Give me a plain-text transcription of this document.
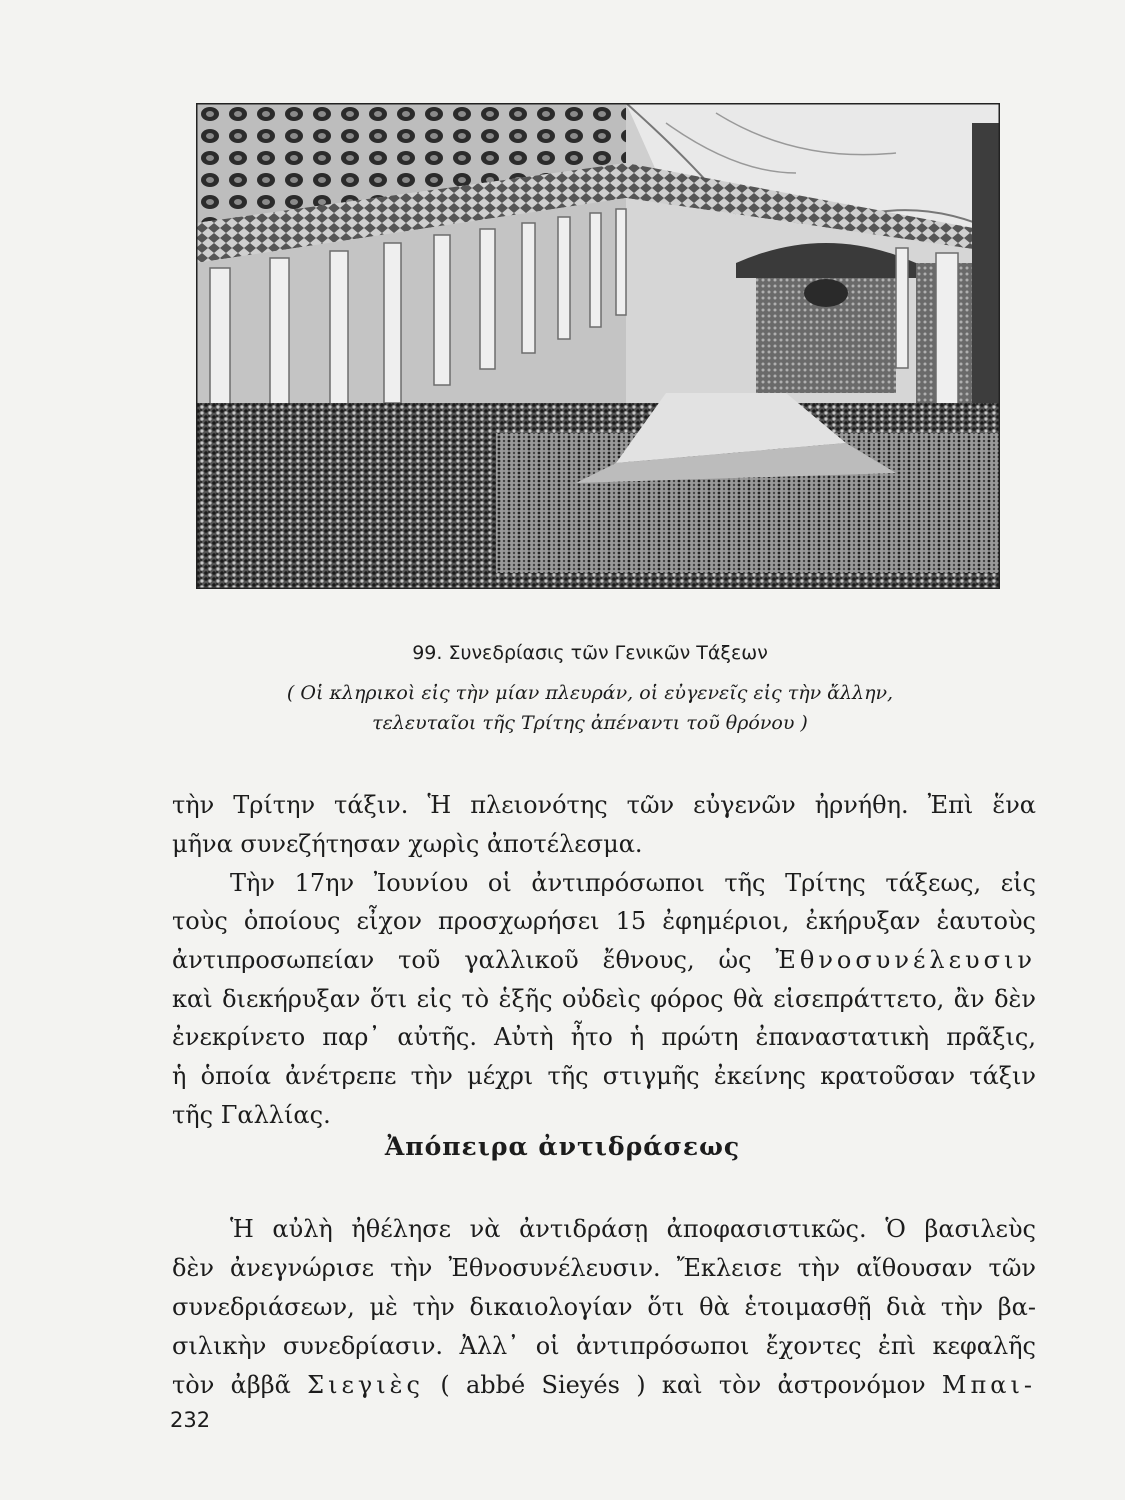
99. Συνεδρίασις τῶν Γενικῶν Τάξεων
( Οἱ κληρικοὶ εἰς τὴν μίαν πλευράν, οἱ εὐγενεῖς εἰς τὴν ἄλλην,
τελευταῖοι τῆς Τρίτης ἀπέναντι τοῦ θρόνου )
τὴν Τρίτην τάξιν. Ἡ πλειονότης τῶν εὐγενῶν ἠρνήθη. Ἐπὶ ἕνα
μῆνα συνεζήτησαν χωρὶς ἀποτέλεσμα.
Τὴν 17ην Ἰουνίου οἱ ἀντιπρόσωποι τῆς Τρίτης τάξεως, εἰς
τοὺς ὁποίους εἶχον προσχωρήσει 15 ἐφημέριοι, ἐκήρυξαν ἑαυτοὺς
ἀντιπροσωπείαν τοῦ γαλλικοῦ ἔθνους, ὡς Ἐθνοσυνέλευσιν
καὶ διεκήρυξαν ὅτι εἰς τὸ ἑξῆς οὐδεὶς φόρος θὰ εἰσεπράττετο, ἂν δὲν
ἐνεκρίνετο παρ᾽ αὐτῆς. Αὐτὴ ἦτο ἡ πρώτη ἐπαναστατικὴ πρᾶξις,
ἡ ὁποία ἀνέτρεπε τὴν μέχρι τῆς στιγμῆς ἐκείνης κρατοῦσαν τάξιν
τῆς Γαλλίας.
Ἀπόπειρα ἀντιδράσεως
Ἡ αὐλὴ ἠθέλησε νὰ ἀντιδράσῃ ἀποφασιστικῶς. Ὁ βασιλεὺς
δὲν ἀνεγνώρισε τὴν Ἐθνοσυνέλευσιν. Ἔκλεισε τὴν αἴθουσαν τῶν
συνεδριάσεων, μὲ τὴν δικαιολογίαν ὅτι θὰ ἑτοιμασθῇ διὰ τὴν βα-
σιλικὴν συνεδρίασιν. Ἀλλ᾽ οἱ ἀντιπρόσωποι ἔχοντες ἐπὶ κεφαλῆς
τὸν ἀββᾶ Σιεγιὲς ( abbé Sieyés ) καὶ τὸν ἀστρονόμον Μπαι-
232
